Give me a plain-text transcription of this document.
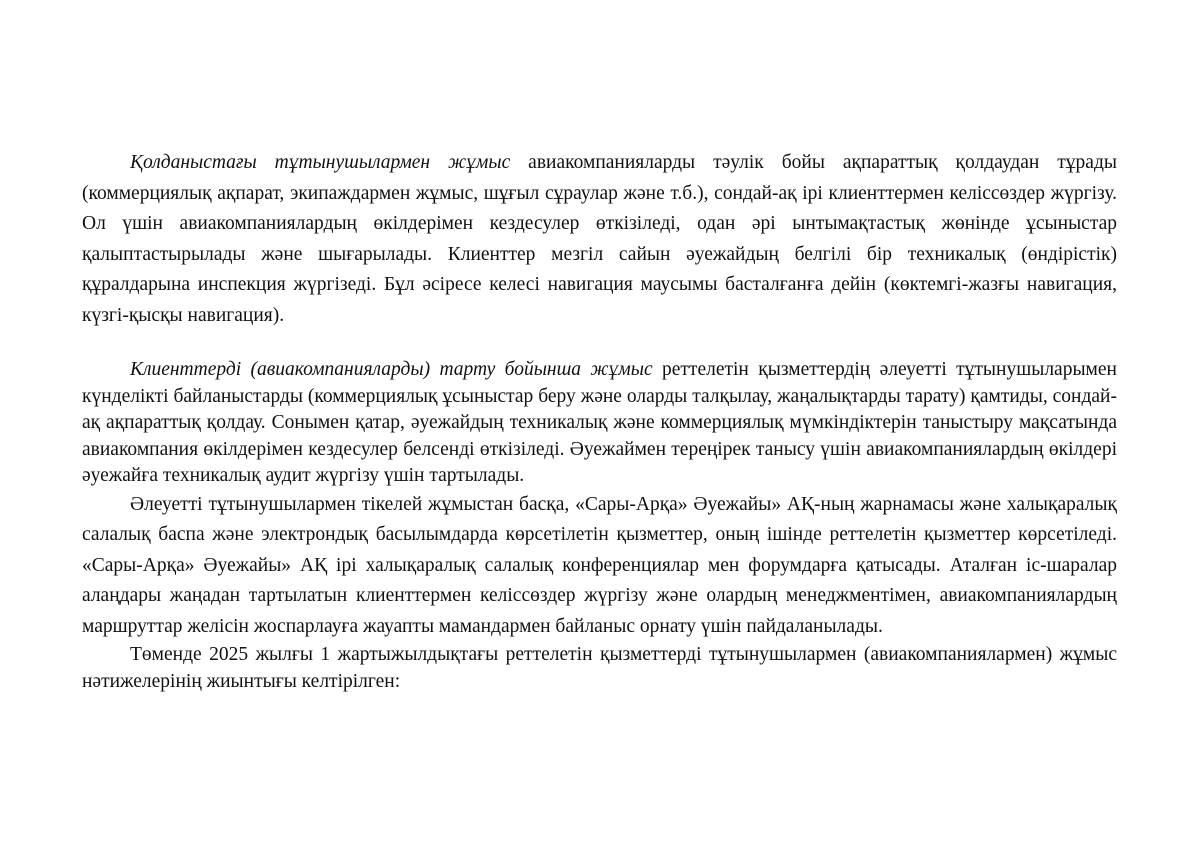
Қолданыстағы тұтынушылармен жұмыс авиакомпанияларды тәулік бойы ақпараттық қолдаудан тұрады (коммерциялық ақпарат, экипаждармен жұмыс, шұғыл сұраулар және т.б.), сондай-ақ ірі клиенттермен келіссөздер жүргізу. Ол үшін авиакомпаниялардың өкілдерімен кездесулер өткізіледі, одан әрі ынтымақтастық жөнінде ұсыныстар қалыптастырылады және шығарылады. Клиенттер мезгіл сайын әуежайдың белгілі бір техникалық (өндірістік) құралдарына инспекция жүргізеді. Бұл әсіресе келесі навигация маусымы басталғанға дейін (көктемгі-жазғы навигация, күзгі-қысқы навигация).

Клиенттерді (авиакомпанияларды) тарту бойынша жұмыс реттелетін қызметтердің әлеуетті тұтынушыларымен күнделікті байланыстарды (коммерциялық ұсыныстар беру және оларды талқылау, жаңалықтарды тарату) қамтиды, сондай-ақ ақпараттық қолдау. Сонымен қатар, әуежайдың техникалық және коммерциялық мүмкіндіктерін таныстыру мақсатында авиакомпания өкілдерімен кездесулер белсенді өткізіледі. Әуежаймен тереңірек танысу үшін авиакомпаниялардың өкілдері әуежайға техникалық аудит жүргізу үшін тартылады.

Әлеуетті тұтынушылармен тікелей жұмыстан басқа, «Сары-Арқа» Әуежайы» АҚ-ның жарнамасы және халықаралық салалық баспа және электрондық басылымдарда көрсетілетін қызметтер, оның ішінде реттелетін қызметтер көрсетіледі. «Сары-Арқа» Әуежайы» АҚ ірі халықаралық салалық конференциялар мен форумдарға қатысады. Аталған іс-шаралар алаңдары жаңадан тартылатын клиенттермен келіссөздер жүргізу және олардың менеджментімен, авиакомпаниялардың маршруттар желісін жоспарлауға жауапты мамандармен байланыс орнату үшін пайдаланылады.

Төменде 2025 жылғы 1 жартыжылдықтағы реттелетін қызметтерді тұтынушылармен (авиакомпаниялармен) жұмыс нәтижелерінің жиынтығы келтірілген:
